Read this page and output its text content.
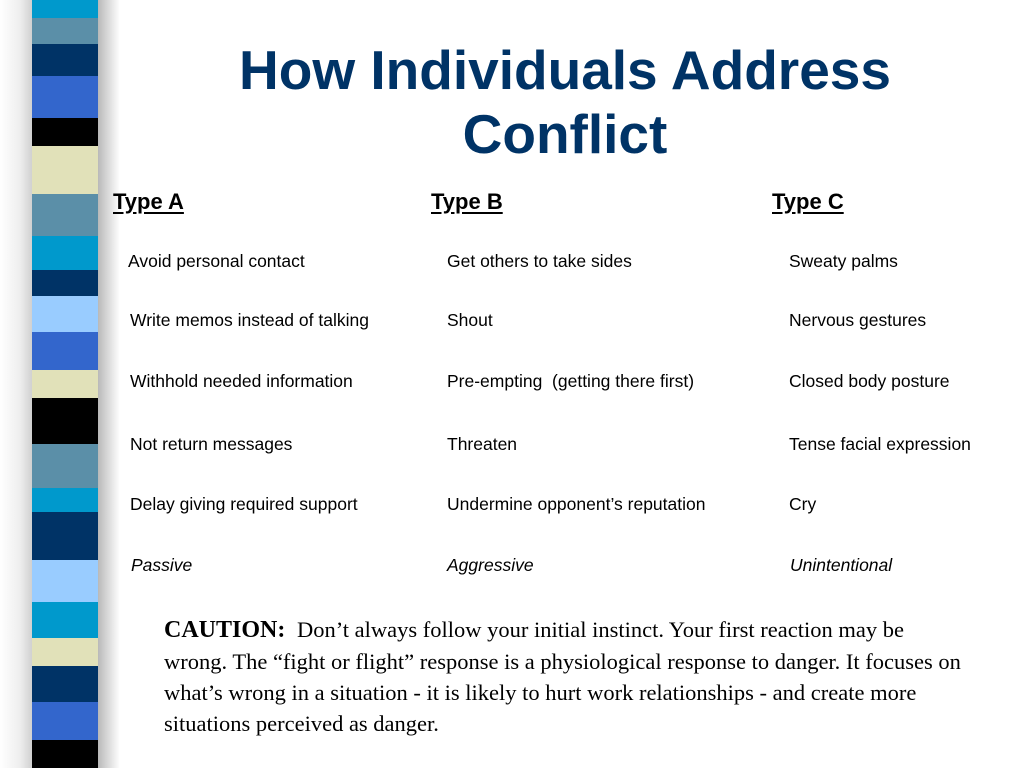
How Individuals Address
Conflict
Type A	Type B	Type C
Avoid personal contact	Get others to take sides	Sweaty palms
Write memos instead of talking	Shout	Nervous gestures
Withhold needed information	Pre-empting  (getting there first)	Closed body posture
Not return messages	Threaten	Tense facial expression
Delay giving required support	Undermine opponent’s reputation	Cry
Passive	Aggressive	Unintentional
CAUTION: Don’t always follow your initial instinct. Your first reaction may be wrong. The “fight or flight” response is a physiological response to danger. It focuses on what’s wrong in a situation - it is likely to hurt work relationships - and create more situations perceived as danger.
